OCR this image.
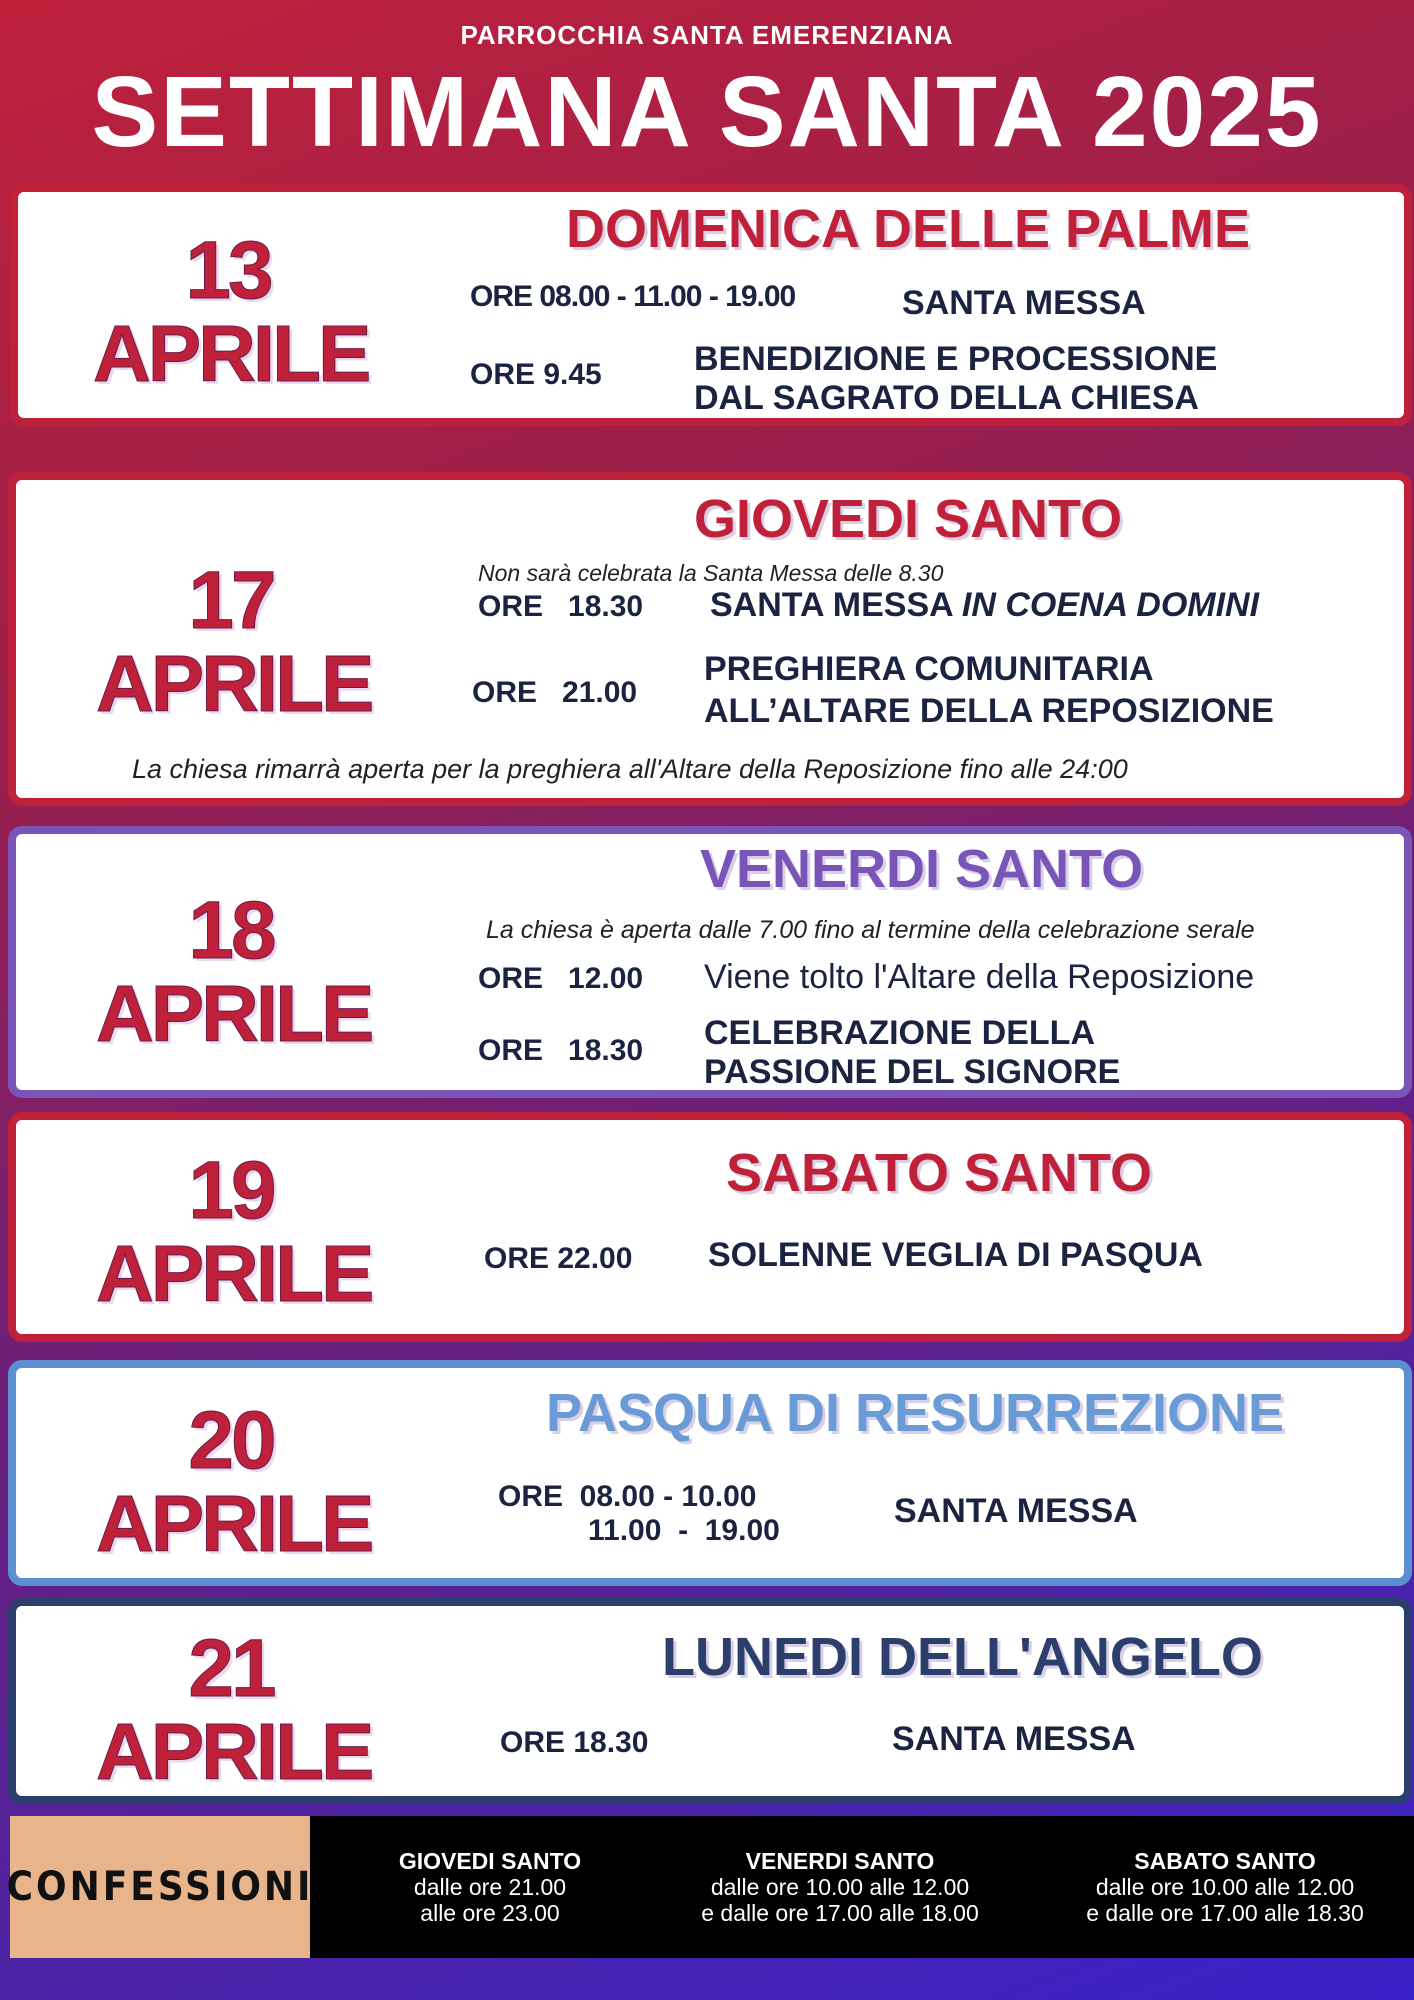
PARROCCHIA SANTA EMERENZIANA
SETTIMANA SANTA 2025
13
APRILE
DOMENICA DELLE PALME
ORE 08.00 - 11.00 - 19.00	SANTA MESSA
ORE 9.45	BENEDIZIONE E PROCESSIONE
DAL SAGRATO DELLA CHIESA
17
APRILE
GIOVEDI SANTO
Non sarà celebrata la Santa Messa delle 8.30
ORE   18.30 SANTA MESSA IN COENA DOMINI
ORE   21.00
PREGHIERA COMUNITARIA
ALL’ALTARE DELLA REPOSIZIONE
La chiesa rimarrà aperta per la preghiera all'Altare della Reposizione fino alle 24:00
18
APRILE
VENERDI SANTO
La chiesa è aperta dalle 7.00 fino al termine della celebrazione serale
ORE   12.00 Viene tolto l'Altare della Reposizione
ORE   18.30 CELEBRAZIONE DELLA
PASSIONE DEL SIGNORE
19
APRILE
SABATO SANTO
ORE 22.00 SOLENNE VEGLIA DI PASQUA
20
APRILE
PASQUA DI RESURREZIONE
ORE  08.00 - 10.00
11.00  -  19.00
SANTA MESSA
21
APRILE
LUNEDI DELL'ANGELO
ORE 18.30	SANTA MESSA
CONFESSIONI
GIOVEDI SANTO
dalle ore 21.00
alle ore 23.00
VENERDI SANTO
dalle ore 10.00 alle 12.00
e dalle ore 17.00 alle 18.00
SABATO SANTO
dalle ore 10.00 alle 12.00
e dalle ore 17.00 alle 18.30
